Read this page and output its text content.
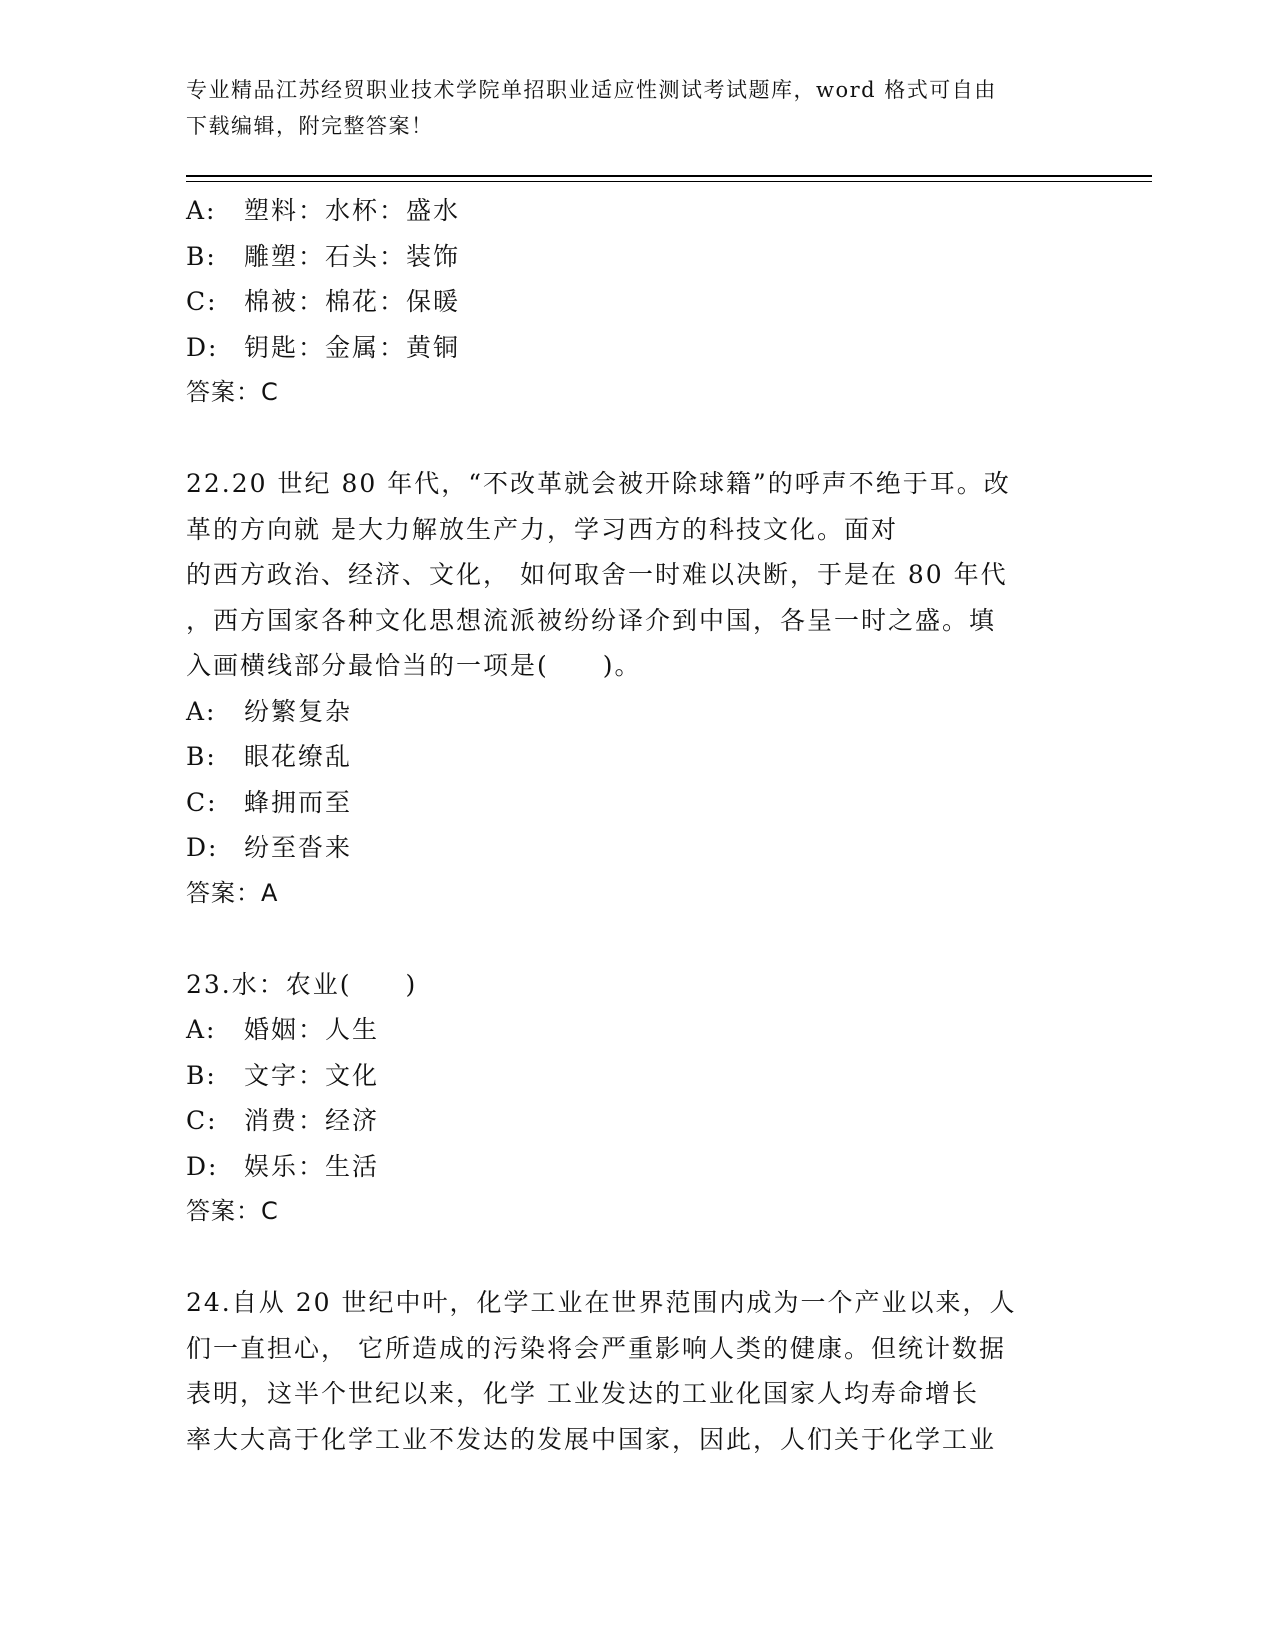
专业精品江苏经贸职业技术学院单招职业适应性测试考试题库，word 格式可自由
下载编辑，附完整答案！
A: 塑料：水杯：盛水
B: 雕塑：石头：装饰
C: 棉被：棉花：保暖
D: 钥匙：金属：黄铜
答案：C
22.20 世纪 80 年代，“不改革就会被开除球籍”的呼声不绝于耳。改
革的方向就 是大力解放生产力，学习西方的科技文化。面对
的西方政治、经济、文化， 如何取舍一时难以决断，于是在 80 年代
，西方国家各种文化思想流派被纷纷译介到中国，各呈一时之盛。填
入画横线部分最恰当的一项是(　　)。
A: 纷繁复杂
B: 眼花缭乱
C: 蜂拥而至
D: 纷至沓来
答案：A
23.水：农业(　　)
A: 婚姻：人生
B: 文字：文化
C: 消费：经济
D: 娱乐：生活
答案：C
24.自从 20 世纪中叶，化学工业在世界范围内成为一个产业以来，人
们一直担心， 它所造成的污染将会严重影响人类的健康。但统计数据
表明，这半个世纪以来，化学 工业发达的工业化国家人均寿命增长
率大大高于化学工业不发达的发展中国家，因此，人们关于化学工业
